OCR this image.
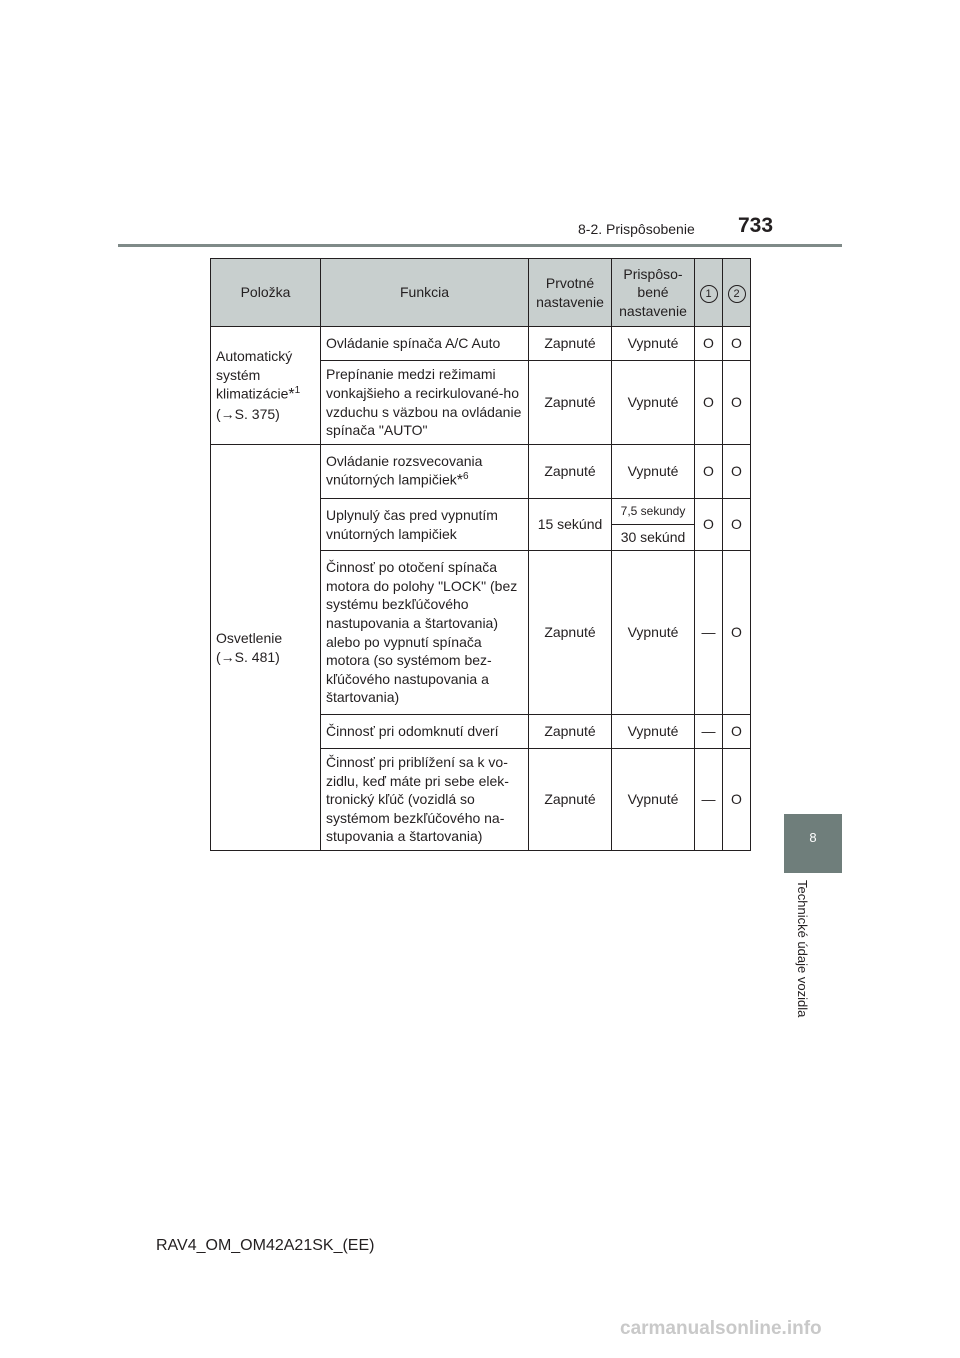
8-2. Prispôsobenie 733
8
Technické údaje vozidla
Položka	Funkcia	Prvotné nastavenie	Prispôso-bené nastavenie	1	2
Automatický
systém
klimatizácie*$^1$
(→S. 375)	Ovládanie spínača A/C Auto	Zapnuté	Vypnuté	O	O
	Prepínanie medzi režimami vonkajšieho a recirkulované-ho vzduchu s väzbou na ovládanie spínača "AUTO"	Zapnuté	Vypnuté	O	O
Osvetlenie
(→S. 481)	Ovládanie rozsvecovania vnútorných lampičiek*$^6$	Zapnuté	Vypnuté	O	O
	Uplynulý čas pred vypnutím vnútorných lampičiek	15 sekúnd	7,5 sekundy	O	O
			30 sekúnd		
	Činnosť po otočení spínača motora do polohy "LOCK" (bez systému bezkľúčového nastupovania a štartovania) alebo po vypnutí spínača motora (so systémom bez-kľúčového nastupovania a štartovania)	Zapnuté	Vypnuté	—	O
	Činnosť pri odomknutí dverí	Zapnuté	Vypnuté	—	O
	Činnosť pri priblížení sa k vo-zidlu, keď máte pri sebe elek-tronický kľúč (vozidlá so systémom bezkľúčového na-stupovania a štartovania)	Zapnuté	Vypnuté	—	O
RAV4_OM_OM42A21SK_(EE)
carmanualsonline.info
